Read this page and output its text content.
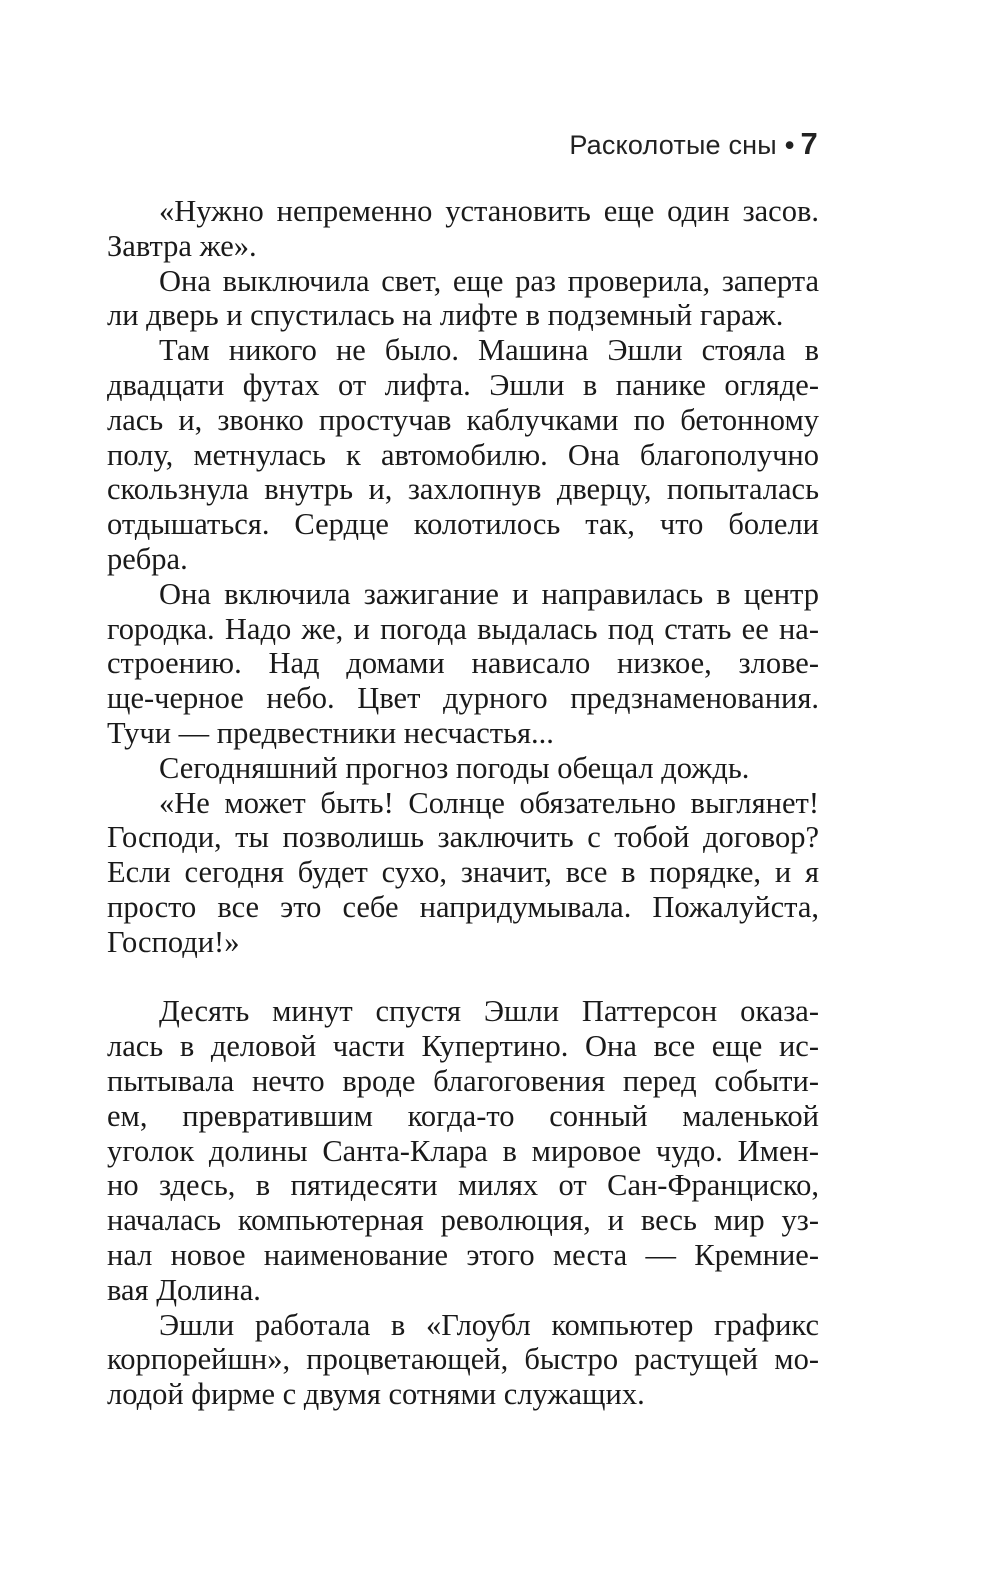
Расколотые сны • 7
«Нужно непременно установить еще один засов.
Завтра же».
Она выключила свет, еще раз проверила, заперта
ли дверь и спустилась на лифте в подземный гараж.
Там никого не было. Машина Эшли стояла в
двадцати футах от лифта. Эшли в панике огляде-
лась и, звонко простучав каблучками по бетонному
полу, метнулась к автомобилю. Она благополучно
скользнула внутрь и, захлопнув дверцу, попыталась
отдышаться. Сердце колотилось так, что болели
ребра.
Она включила зажигание и направилась в центр
городка. Надо же, и погода выдалась под стать ее на-
строению. Над домами нависало низкое, злове-
ще-черное небо. Цвет дурного предзнаменования.
Тучи — предвестники несчастья...
Сегодняшний прогноз погоды обещал дождь.
«Не может быть! Солнце обязательно выглянет!
Господи, ты позволишь заключить с тобой договор?
Если сегодня будет сухо, значит, все в порядке, и я
просто все это себе напридумывала. Пожалуйста,
Господи!»
Десять минут спустя Эшли Паттерсон оказа-
лась в деловой части Купертино. Она все еще ис-
пытывала нечто вроде благоговения перед событи-
ем, превратившим когда-то сонный маленькой
уголок долины Санта-Клара в мировое чудо. Имен-
но здесь, в пятидесяти милях от Сан-Франциско,
началась компьютерная революция, и весь мир уз-
нал новое наименование этого места — Кремние-
вая Долина.
Эшли работала в «Глоубл компьютер графикс
корпорейшн», процветающей, быстро растущей мо-
лодой фирме с двумя сотнями служащих.
